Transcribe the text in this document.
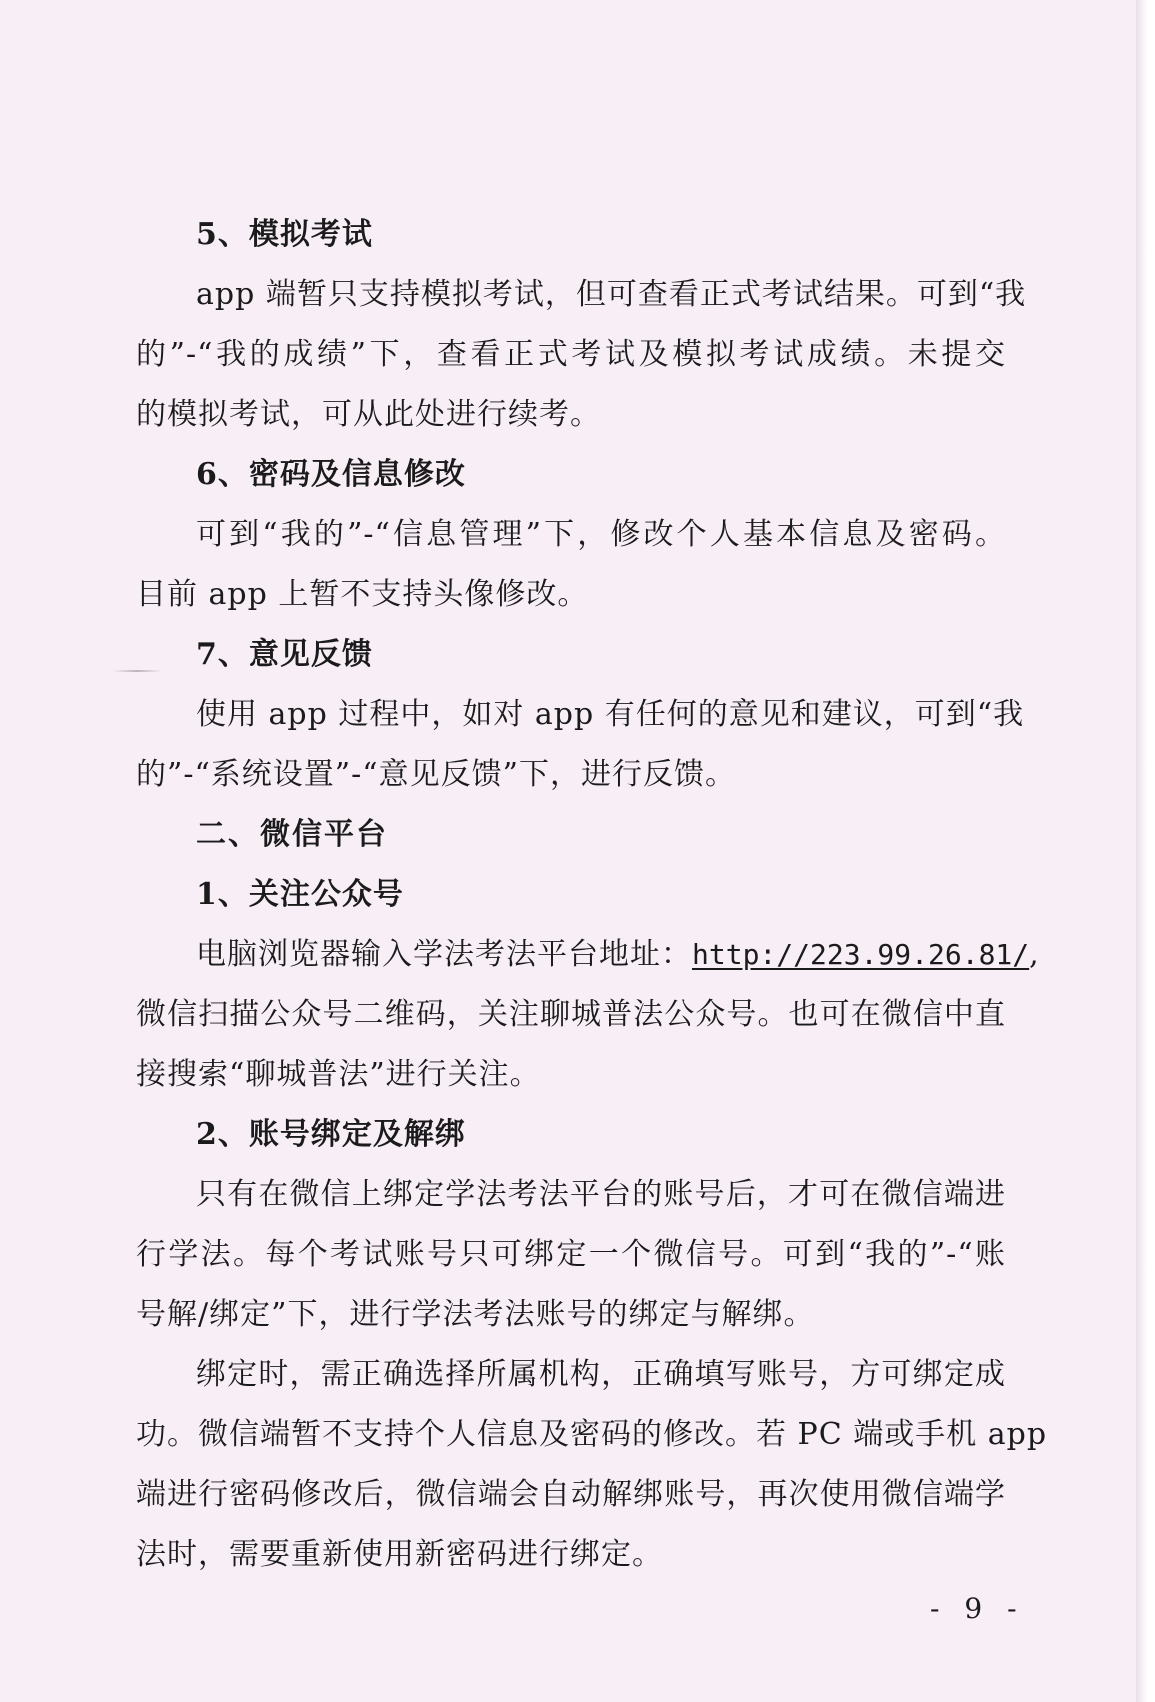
5、模拟考试
app 端暂只支持模拟考试，但可查看正式考试结果。可到“我
的”-“我的成绩”下，查看正式考试及模拟考试成绩。未提交
的模拟考试，可从此处进行续考。
6、密码及信息修改
可到“我的”-“信息管理”下，修改个人基本信息及密码。
目前 app 上暂不支持头像修改。
7、意见反馈
使用 app 过程中，如对 app 有任何的意见和建议，可到“我
的”-“系统设置”-“意见反馈”下，进行反馈。
二、微信平台
1、关注公众号
电脑浏览器输入学法考法平台地址：http://223.99.26.81/,
微信扫描公众号二维码，关注聊城普法公众号。也可在微信中直
接搜索“聊城普法”进行关注。
2、账号绑定及解绑
只有在微信上绑定学法考法平台的账号后，才可在微信端进
行学法。每个考试账号只可绑定一个微信号。可到“我的”-“账
号解/绑定”下，进行学法考法账号的绑定与解绑。
绑定时，需正确选择所属机构，正确填写账号，方可绑定成
功。微信端暂不支持个人信息及密码的修改。若 PC 端或手机 app
端进行密码修改后，微信端会自动解绑账号，再次使用微信端学
法时，需要重新使用新密码进行绑定。
- 9 -
